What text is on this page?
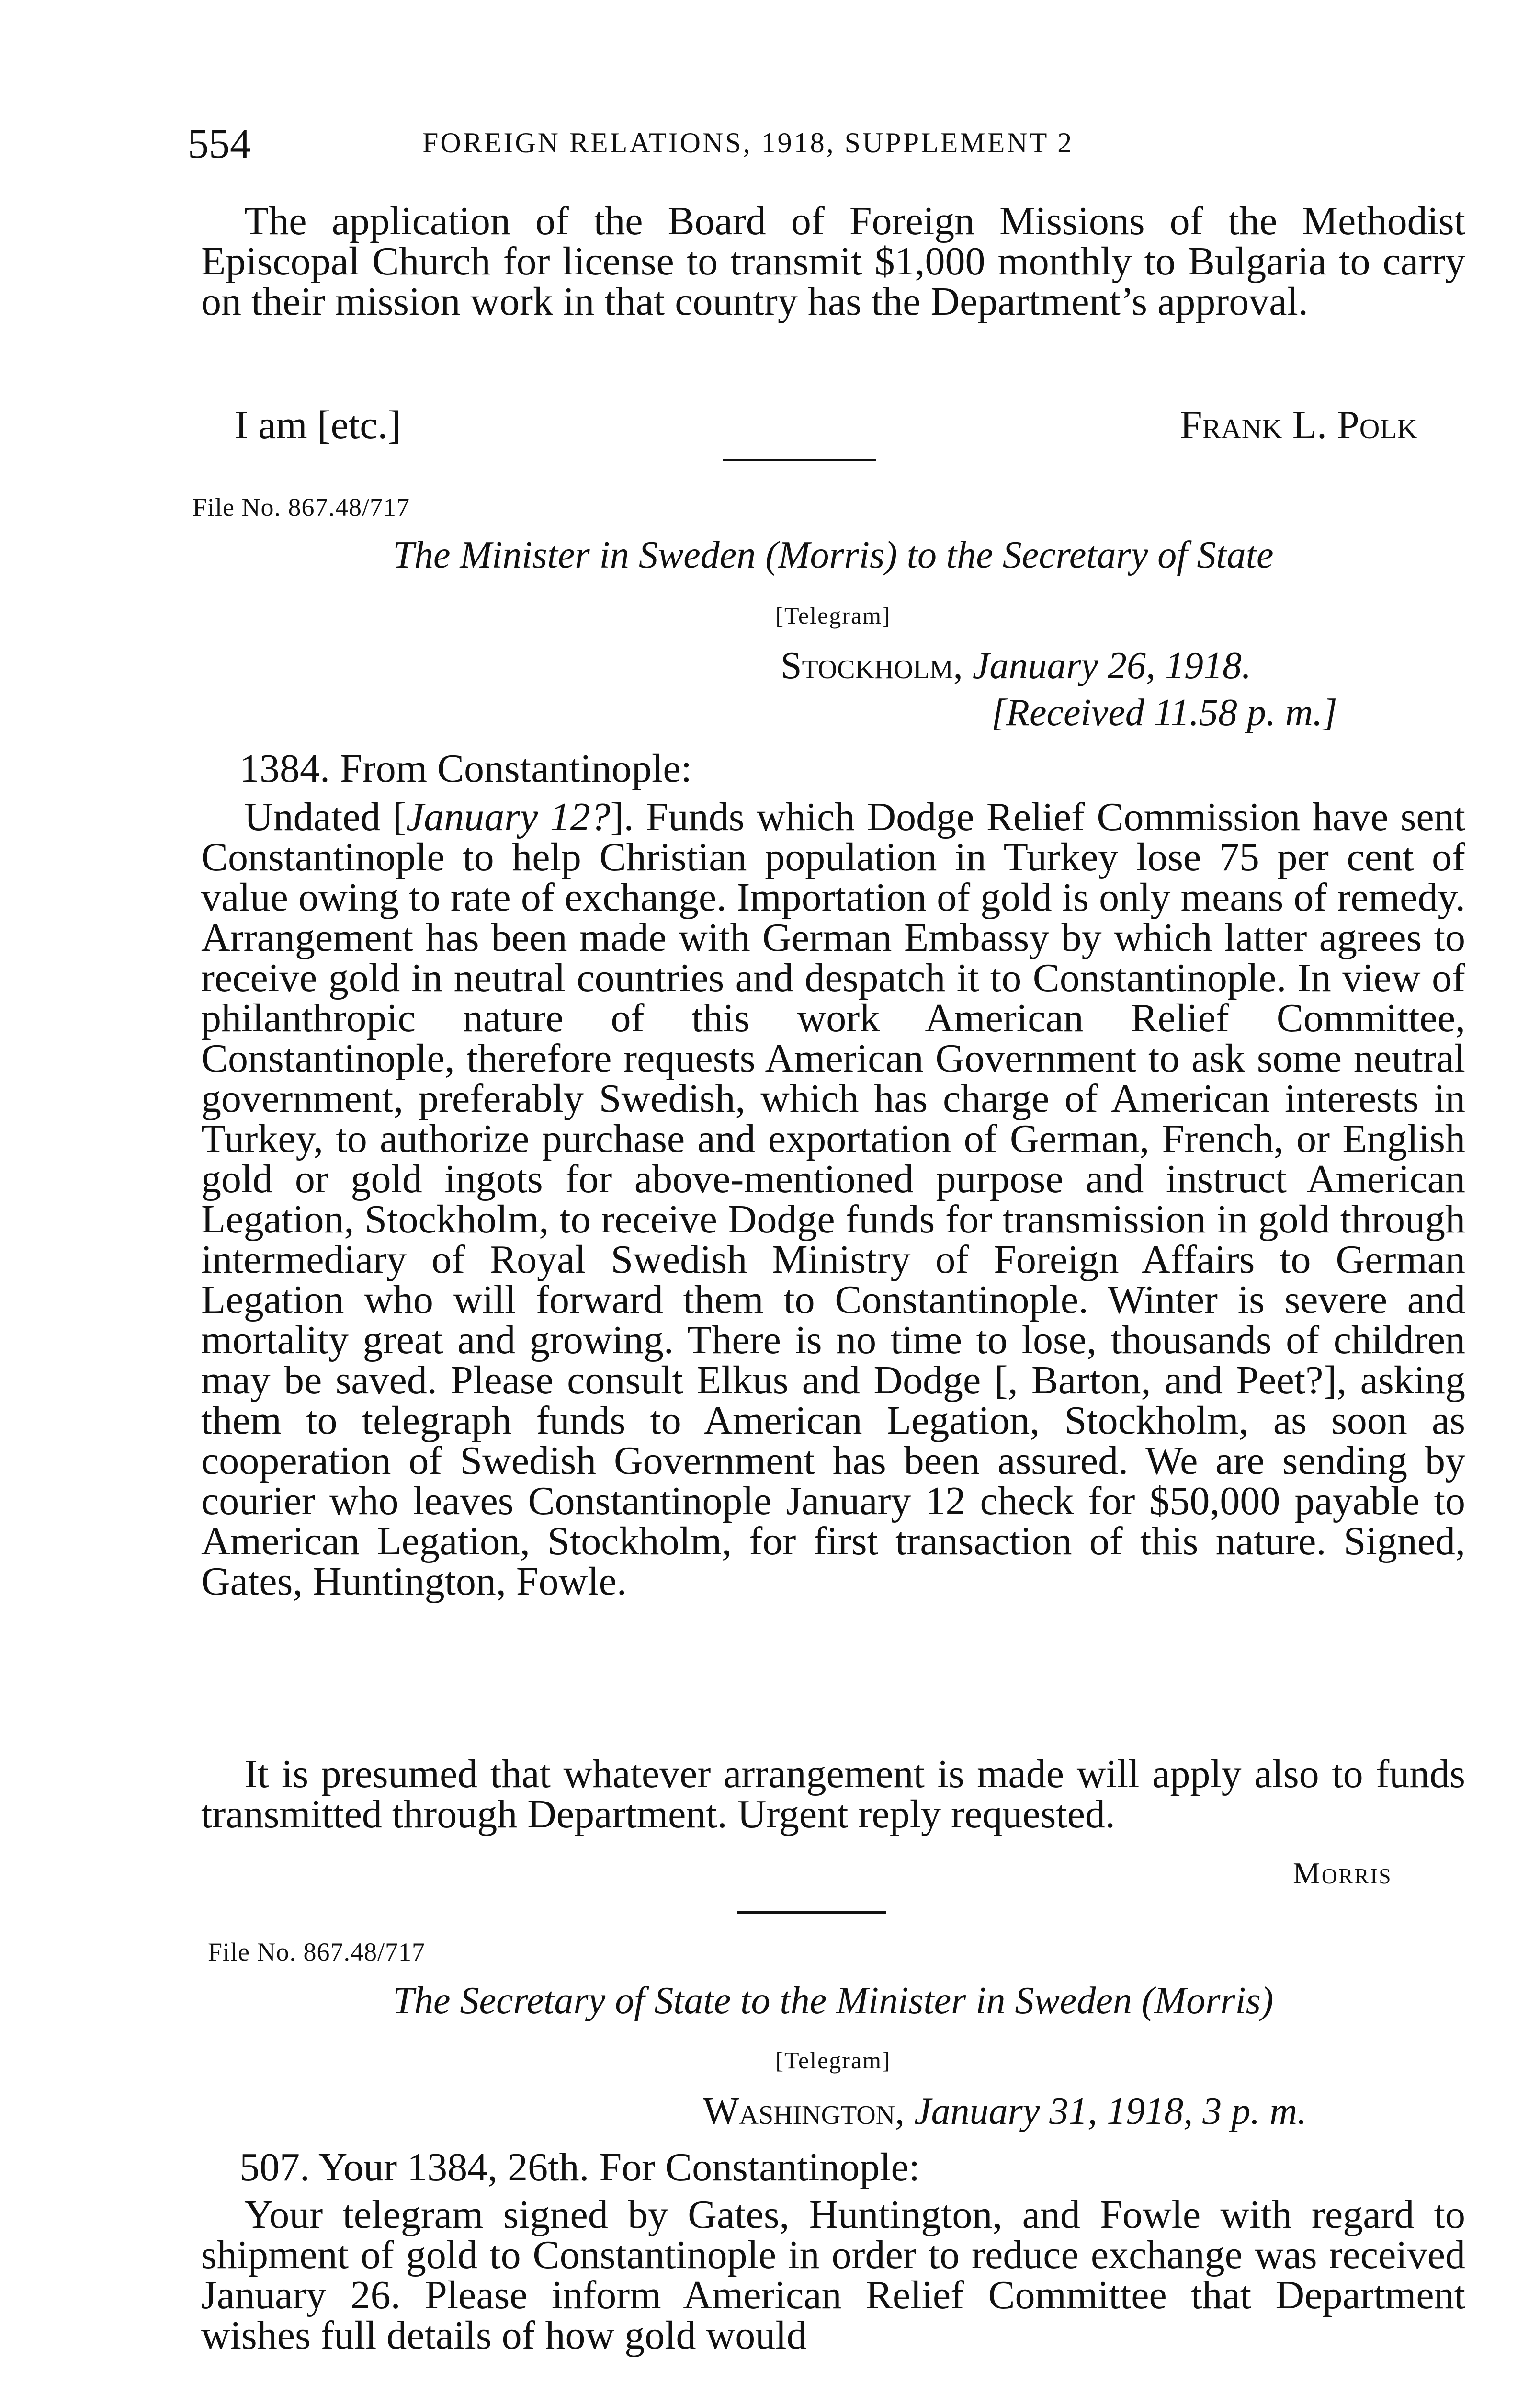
554	FOREIGN RELATIONS, 1918, SUPPLEMENT 2
The application of the Board of Foreign Missions of the Methodist Episcopal Church for license to transmit $1,000 monthly to Bulgaria to carry on their mission work in that country has the Department’s approval.
I am [etc.]	Frank L. Polk
File No. 867.48/717
The Minister in Sweden (Morris) to the Secretary of State
[Telegram]
Stockholm, January 26, 1918.
[Received 11.58 p. m.]
1384. From Constantinople:
Undated [January 12?]. Funds which Dodge Relief Commission have sent Constantinople to help Christian population in Turkey lose 75 per cent of value owing to rate of exchange. Importation of gold is only means of remedy. Arrangement has been made with German Embassy by which latter agrees to receive gold in neutral countries and despatch it to Constantinople. In view of philanthropic nature of this work American Relief Committee, Constantinople, therefore requests American Government to ask some neutral government, preferably Swedish, which has charge of American interests in Turkey, to authorize purchase and exportation of German, French, or English gold or gold ingots for above-mentioned purpose and instruct American Legation, Stockholm, to receive Dodge funds for transmission in gold through intermediary of Royal Swedish Ministry of Foreign Affairs to German Legation who will forward them to Constantinople. Winter is severe and mortality great and growing. There is no time to lose, thousands of children may be saved. Please consult Elkus and Dodge [, Barton, and Peet?], asking them to telegraph funds to American Legation, Stockholm, as soon as cooperation of Swedish Government has been assured. We are sending by courier who leaves Constantinople January 12 check for $50,000 payable to American Legation, Stockholm, for first transaction of this nature. Signed, Gates, Huntington, Fowle.
It is presumed that whatever arrangement is made will apply also to funds transmitted through Department. Urgent reply requested.
Morris
File No. 867.48/717
The Secretary of State to the Minister in Sweden (Morris)
[Telegram]
Washington, January 31, 1918, 3 p. m.
507. Your 1384, 26th. For Constantinople:
Your telegram signed by Gates, Huntington, and Fowle with regard to shipment of gold to Constantinople in order to reduce exchange was received January 26. Please inform American Relief Committee that Department wishes full details of how gold would
